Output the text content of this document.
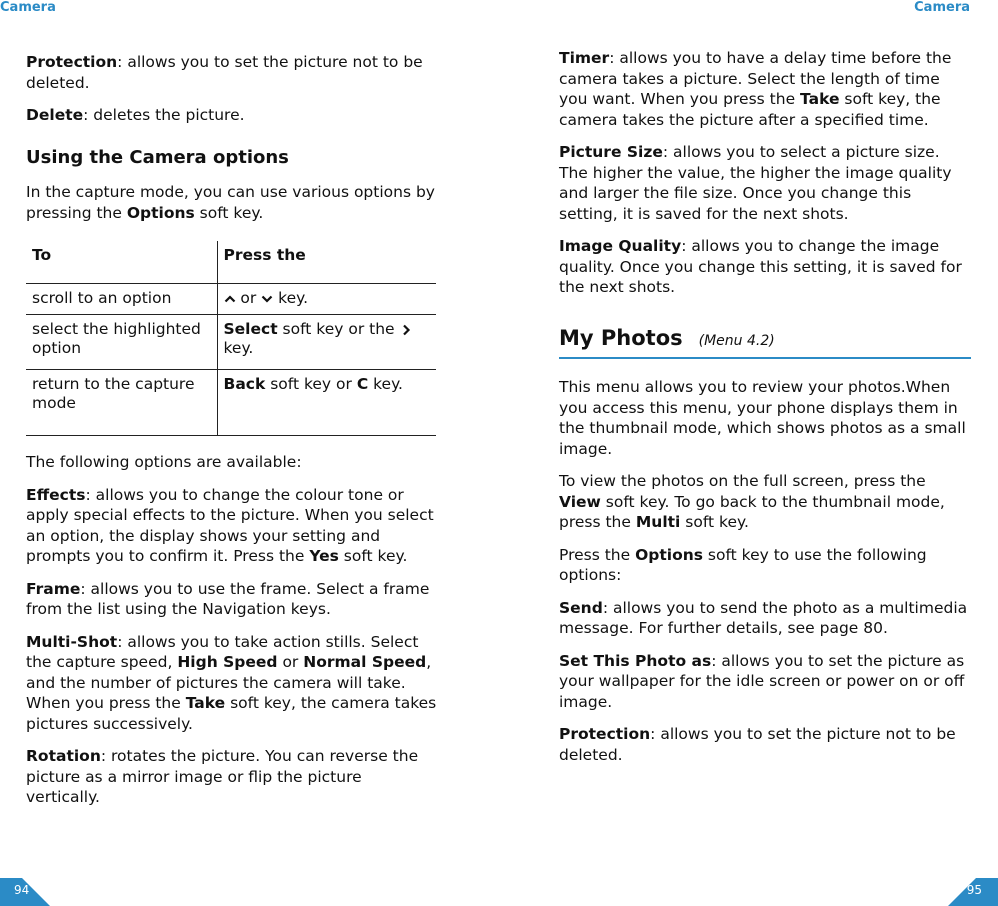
Camera	Camera

Protection: allows you to set the picture not to be deleted.

Delete: deletes the picture.

Using the Camera options

In the capture mode, you can use various options by pressing the Options soft key.

To	Press the
scroll to an option	or  key.
select the highlighted option	Select soft key or the
key.
return to the capture mode	Back soft key or C key.

The following options are available:

Effects: allows you to change the colour tone or apply special effects to the picture. When you select an option, the display shows your setting and prompts you to confirm it. Press the Yes soft key.

Frame: allows you to use the frame. Select a frame from the list using the Navigation keys.

Multi-Shot: allows you to take action stills. Select the capture speed, High Speed or Normal Speed, and the number of pictures the camera will take. When you press the Take soft key, the camera takes pictures successively.

Rotation: rotates the picture. You can reverse the picture as a mirror image or flip the picture vertically.

Timer: allows you to have a delay time before the camera takes a picture. Select the length of time you want. When you press the Take soft key, the camera takes the picture after a specified time.

Picture Size: allows you to select a picture size. The higher the value, the higher the image quality and larger the file size. Once you change this setting, it is saved for the next shots.

Image Quality: allows you to change the image quality. Once you change this setting, it is saved for the next shots.

My Photos (Menu 4.2)

This menu allows you to review your photos.When you access this menu, your phone displays them in the thumbnail mode, which shows photos as a small image.

To view the photos on the full screen, press the View soft key. To go back to the thumbnail mode, press the Multi soft key.

Press the Options soft key to use the following options:

Send: allows you to send the photo as a multimedia message. For further details, see page 80.

Set This Photo as: allows you to set the picture as your wallpaper for the idle screen or power on or off image.

Protection: allows you to set the picture not to be deleted.

94	95
